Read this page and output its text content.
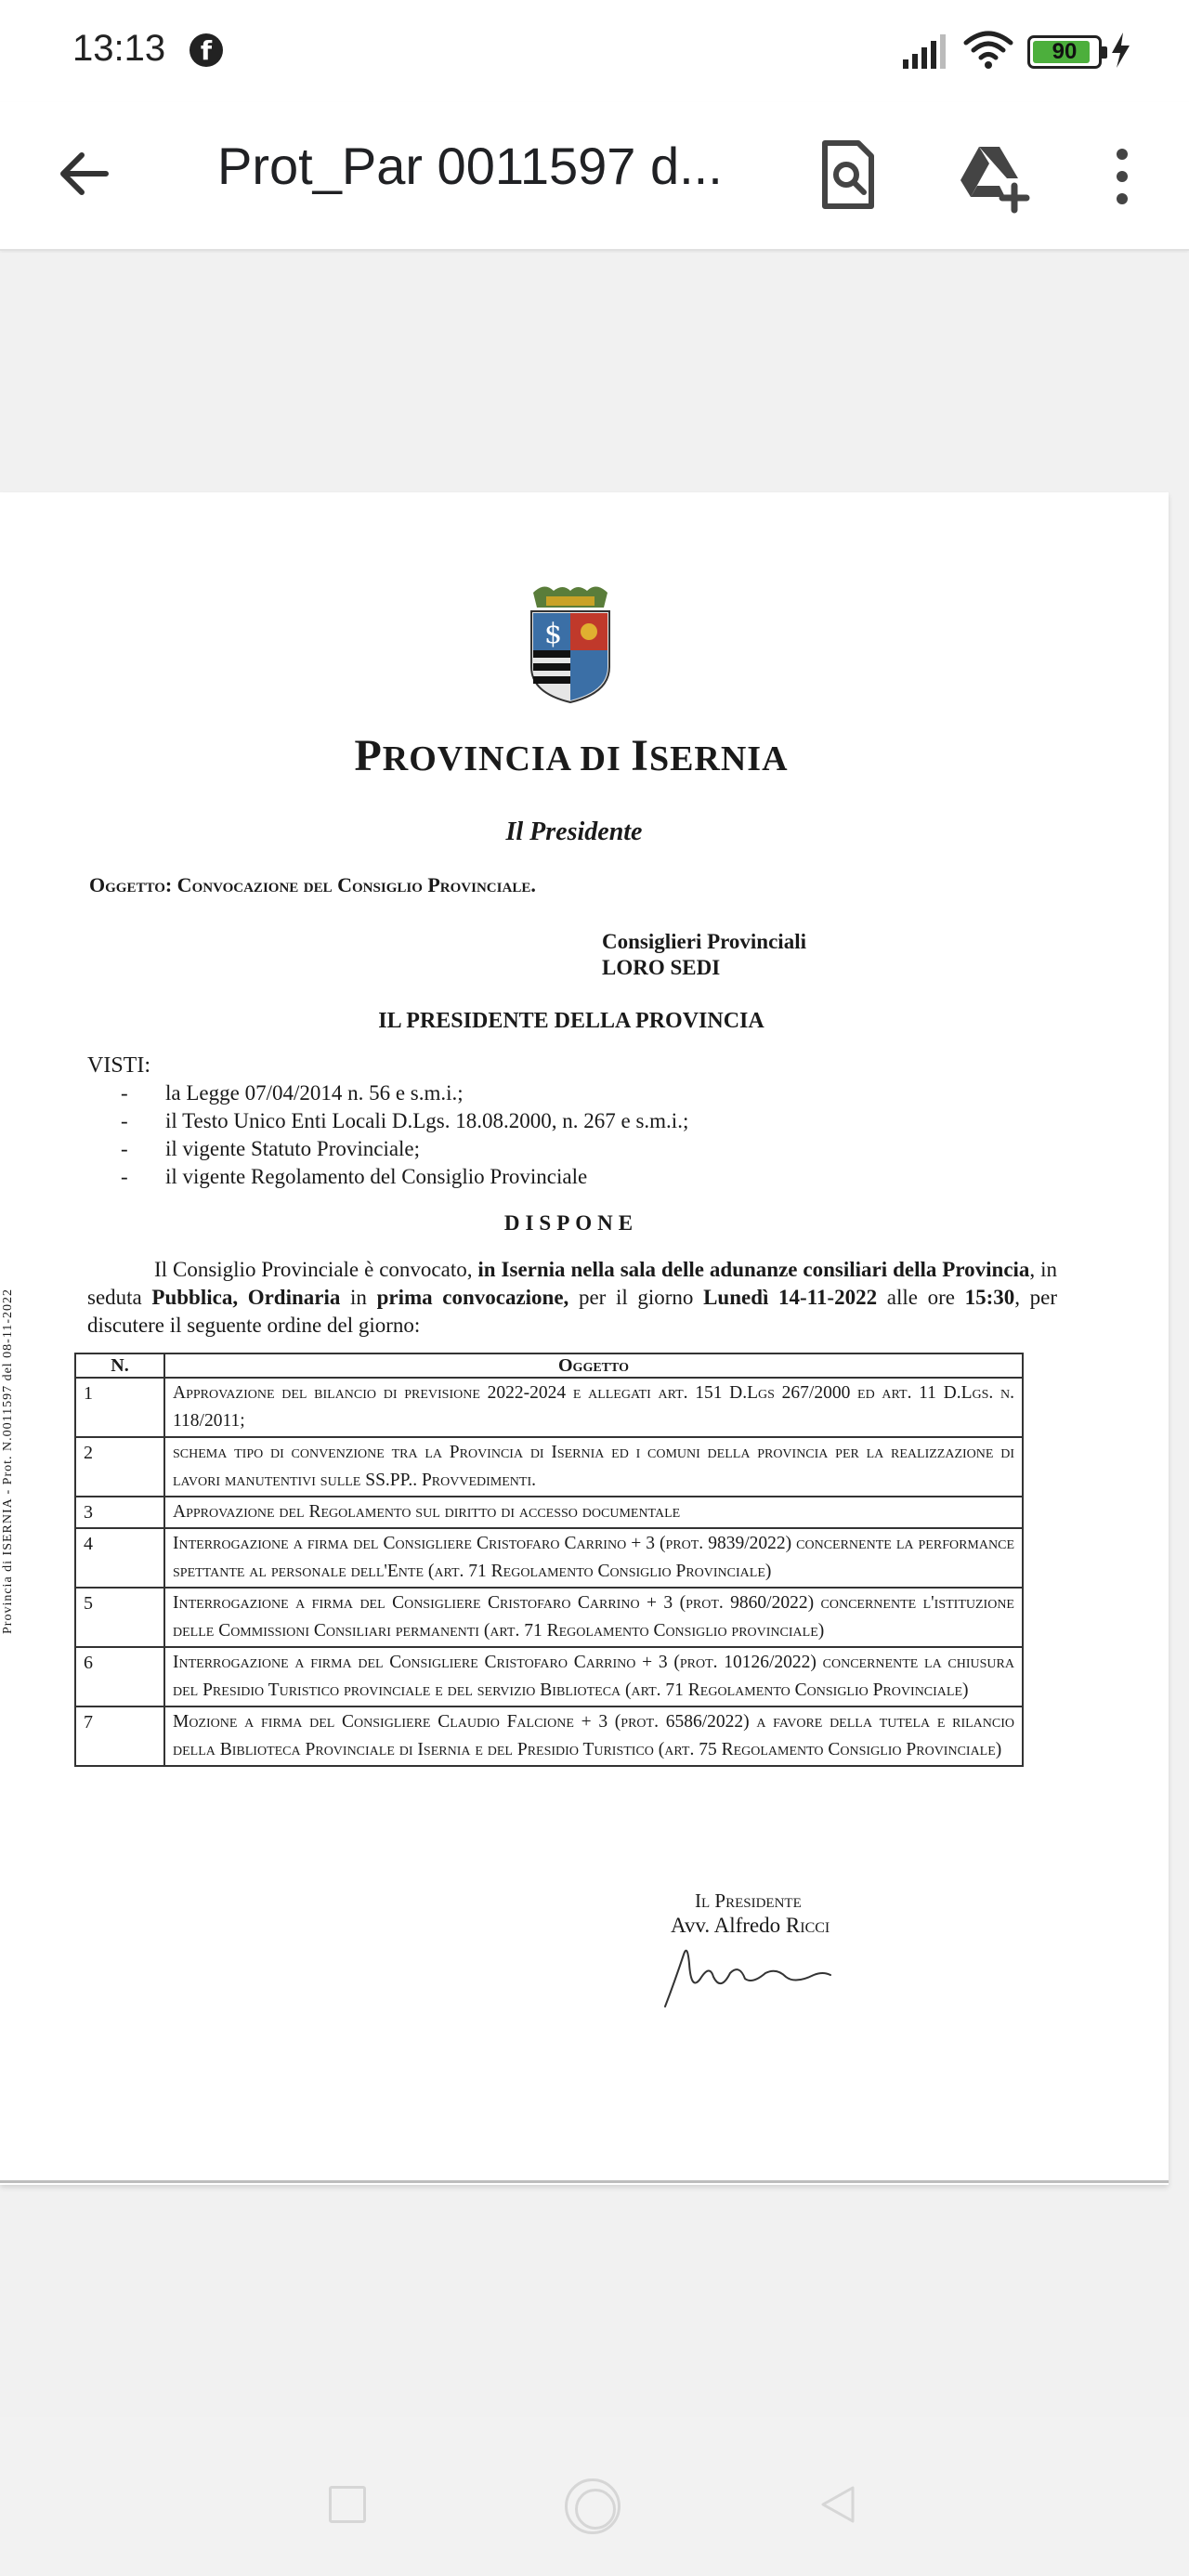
13:13	f	90
Prot_Par 0011597 d...
Provincia di ISERNIA - Prot. N.0011597 del 08-11-2022
$
PROVINCIA DI ISERNIA
Il Presidente
Oggetto: Convocazione del Consiglio Provinciale.
Consiglieri Provinciali
LORO SEDI
IL PRESIDENTE DELLA PROVINCIA
VISTI:
- la Legge 07/04/2014 n. 56 e s.m.i.;
- il Testo Unico Enti Locali D.Lgs. 18.08.2000, n. 267 e s.m.i.;
- il vigente Statuto Provinciale;
- il vigente Regolamento del Consiglio Provinciale
DISPONE

Il Consiglio Provinciale è convocato, in Isernia nella sala delle adunanze consiliari della Provincia, in seduta Pubblica, Ordinaria in prima convocazione, per il giorno Lunedì 14-11-2022 alle ore 15:30, per discutere il seguente ordine del giorno:

N.	Oggetto
1	Approvazione del bilancio di previsione 2022-2024 e allegati art. 151 D.Lgs 267/2000 ed art. 11 D.Lgs. n. 118/2011;
2	schema tipo di convenzione tra la Provincia di Isernia ed i comuni della provincia per la realizzazione di lavori manutentivi sulle SS.PP.. Provvedimenti.
3	Approvazione del Regolamento sul diritto di accesso documentale
4	Interrogazione a firma del Consigliere Cristofaro Carrino + 3 (prot. 9839/2022) concernente la performance spettante al personale dell'Ente (art. 71 Regolamento Consiglio Provinciale)
5	Interrogazione a firma del Consigliere Cristofaro Carrino + 3 (prot. 9860/2022) concernente l'istituzione delle Commissioni Consiliari permanenti (art. 71 Regolamento Consiglio provinciale)
6	Interrogazione a firma del Consigliere Cristofaro Carrino + 3 (prot. 10126/2022) concernente la chiusura del Presidio Turistico provinciale e del servizio Biblioteca (art. 71 Regolamento Consiglio Provinciale)
7	Mozione a firma del Consigliere Claudio Falcione + 3 (prot. 6586/2022) a favore della tutela e rilancio della Biblioteca Provinciale di Isernia e del Presidio Turistico (art. 75 Regolamento Consiglio Provinciale)
Il Presidente
Avv. Alfredo Ricci
